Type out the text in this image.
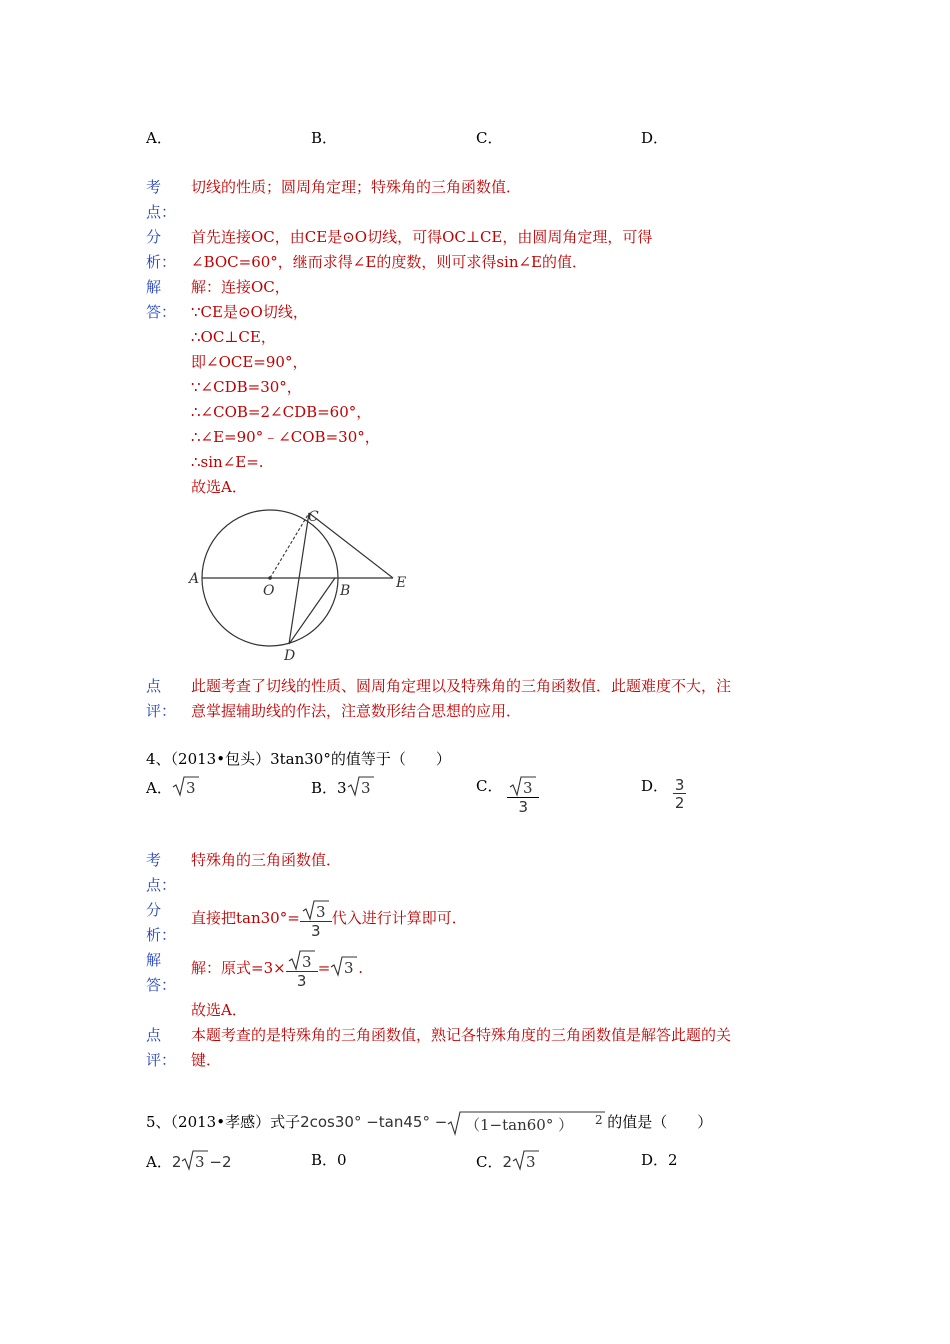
A．	B．	C．	D．
考
点：
切线的性质；圆周角定理；特殊角的三角函数值．
分
析：
首先连接OC，由CE是⊙O切线，可得OC⊥CE，由圆周角定理，可得
∠BOC=60°，继而求得∠E的度数，则可求得sin∠E的值．
解
答：
解：连接OC，
∵CE是⊙O切线，
∴OC⊥CE，
即∠OCE=90°，
∵∠CDB=30°，
∴∠COB=2∠CDB=60°，
∴∠E=90°﹣∠COB=30°，
∴sin∠E=.
故选A．
A
O	B
C
D
E
点
评：
此题考查了切线的性质、圆周角定理以及特殊角的三角函数值．此题难度不大，注
意掌握辅助线的作法，注意数形结合思想的应用．
4、（2013•包头）3tan30°的值等于（　　）
A． 3	B．3 3	C． $\frac{3}{3}$	D． $\frac{3}{2}$
考
点：
特殊角的三角函数值．
分
析：
直接把$\tan 30^\circ= \frac{3}{3}$ 代入进行计算即可．
解
答：
解：原式$=3\times \frac{3}{3} = 3$ .
故选A．
点
评：
本题考查的是特殊角的三角函数值，熟记各特殊角度的三角函数值是解答此题的关
键．
5、（2013•孝感）式子2cos30° −tan45° − （1−tan60° ） 2 的值是（　　）
A．2 3 −2	B．0	C．2 3	D．2
